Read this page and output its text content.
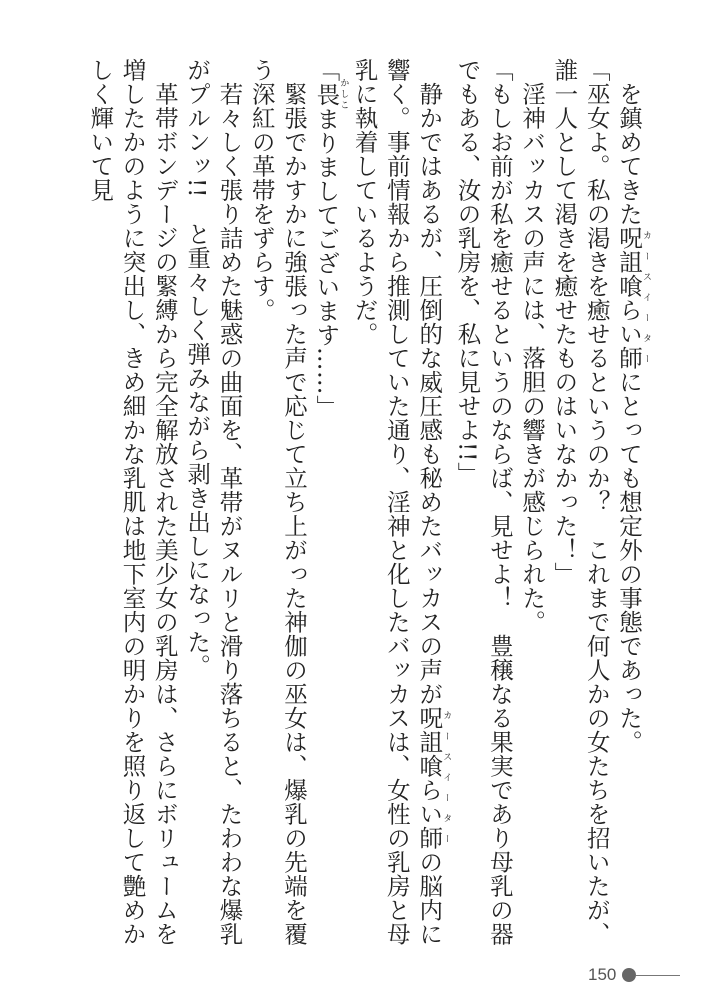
を鎮めてきた呪詛喰らい師カースイーターにとっても想定外の事態であった。

「巫女よ。私の渇きを癒せるというのか？　これまで何人かの女たちを招いたが、誰一人として渇きを癒せたものはいなかった！」

淫神バッカスの声には、落胆の響きが感じられた。

「もしお前が私を癒せるというのならば、見せよ！　豊穣なる果実であり母乳の器でもある、汝の乳房を、私に見せよ!!」

静かではあるが、圧倒的な威圧感も秘めたバッカスの声が呪詛喰らい師カースイーターの脳内に響く。事前情報から推測していた通り、淫神と化したバッカスは、女性の乳房と母乳に執着しているようだ。

「畏かしこまりましてございます……」

緊張でかすかに強張った声で応じて立ち上がった神伽の巫女は、爆乳の先端を覆う深紅の革帯をずらす。

若々しく張り詰めた魅惑の曲面を、革帯がヌルリと滑り落ちると、たわわな爆乳がプルンッ!!　と重々しく弾みながら剥き出しになった。

革帯ボンデージの緊縛から完全解放された美少女の乳房は、さらにボリュームを増したかのように突出し、きめ細かな乳肌は地下室内の明かりを照り返して艶めかしく輝いて見

150
